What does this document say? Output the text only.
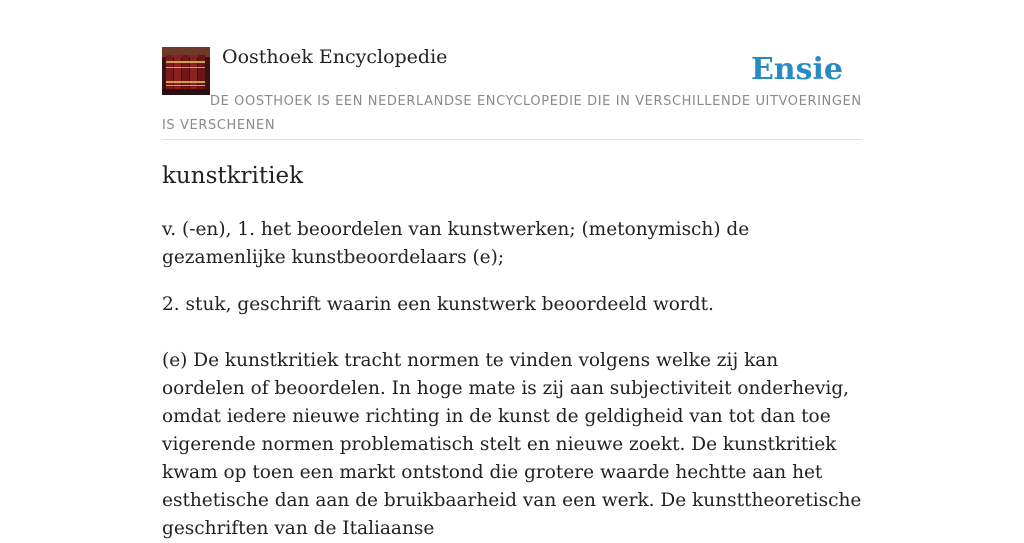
Oosthoek Encyclopedie	Ensie
DE OOSTHOEK IS EEN NEDERLANDSE ENCYCLOPEDIE DIE IN VERSCHILLENDE UITVOERINGEN IS VERSCHENEN
kunstkritiek

v. (-en), 1. het beoordelen van kunstwerken; (metonymisch) de gezamenlijke kunstbeoordelaars (e);

2. stuk, geschrift waarin een kunstwerk beoordeeld wordt.

(e) De kunstkritiek tracht normen te vinden volgens welke zij kan oordelen of beoordelen. In hoge mate is zij aan subjectiviteit onderhevig, omdat iedere nieuwe richting in de kunst de geldigheid van tot dan toe vigerende normen problematisch stelt en nieuwe zoekt. De kunstkritiek kwam op toen een markt ontstond die grotere waarde hechtte aan het esthetische dan aan de bruikbaarheid van een werk. De kunsttheoretische geschriften van de Italiaanse
